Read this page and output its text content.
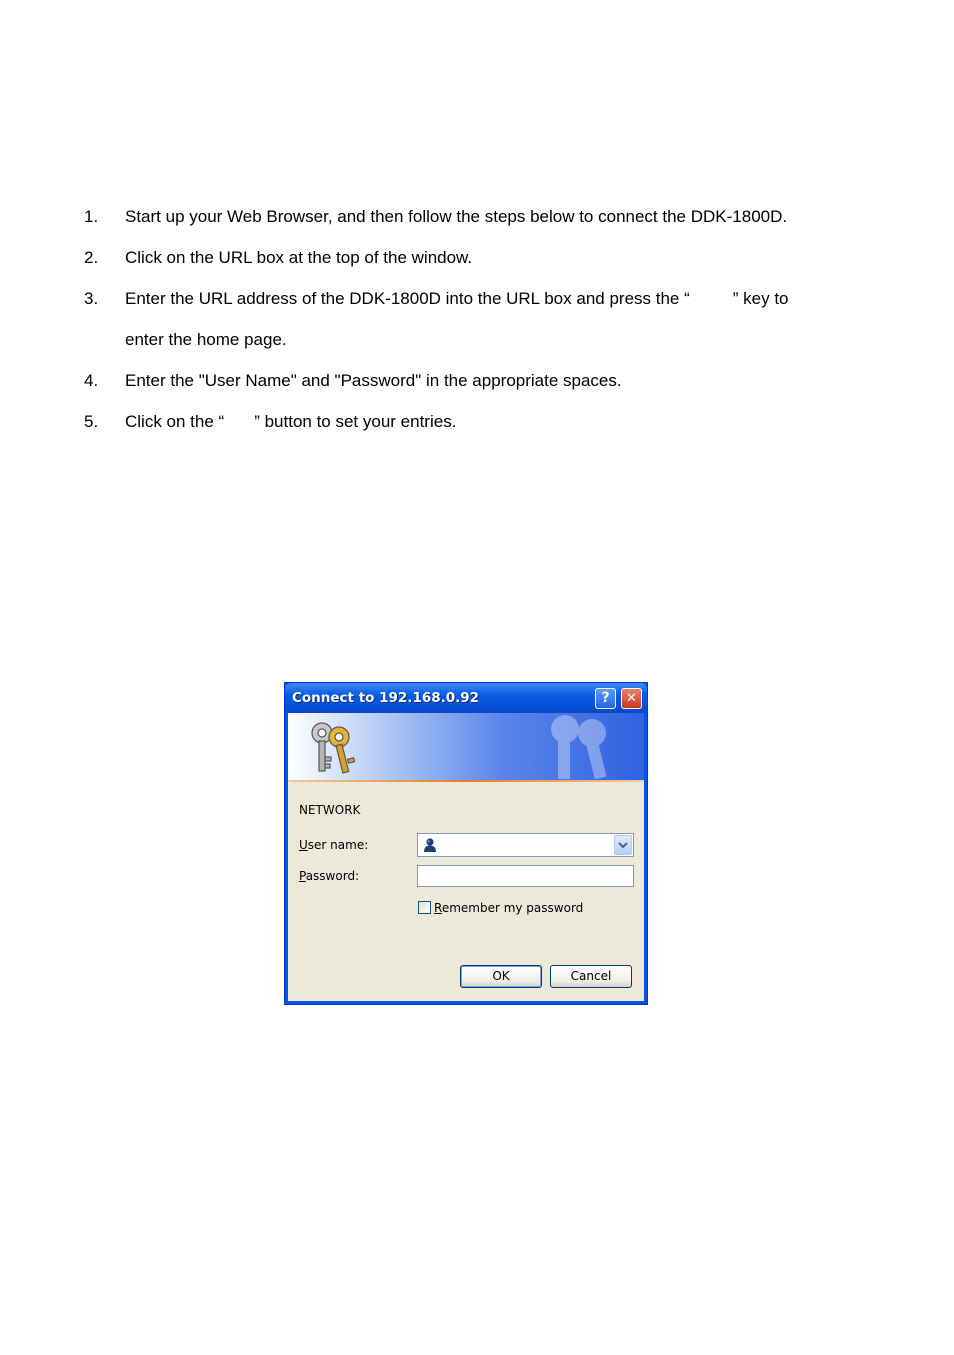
1. Start up your Web Browser, and then follow the steps below to connect the DDK-1800D.
2. Click on the URL box at the top of the window.
3. Enter the URL address of the DDK-1800D into the URL box and press the “	” key to
enter the home page.
4. Enter the "User Name" and "Password" in the appropriate spaces.
5. Click on the “ ” button to set your entries.
Connect to 192.168.0.92	?	✕
NETWORK
User name:
Password:
Remember my password
OK	Cancel
